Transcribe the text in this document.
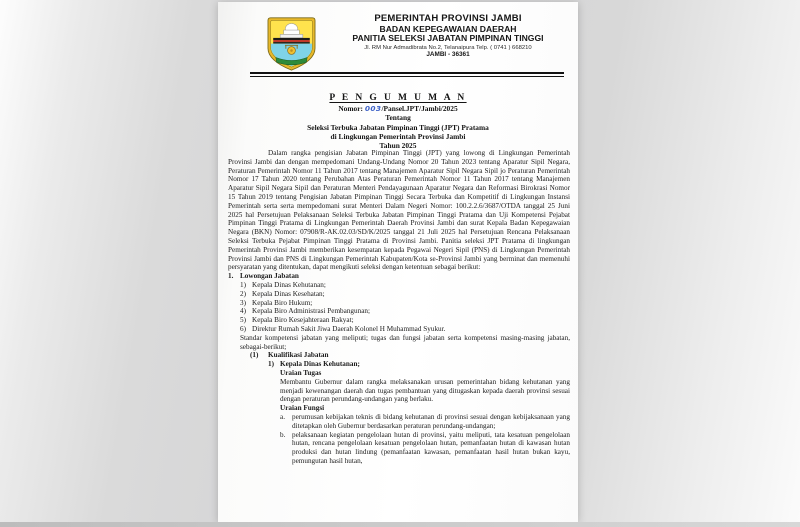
PEMERINTAH PROVINSI JAMBI
BADAN KEPEGAWAIAN DAERAH
PANITIA SELEKSI JABATAN PIMPINAN TINGGI
Jl. RM Nur Admadibrata No.2, Telanaipura Telp. ( 0741 ) 668210
JAMBI - 36361
P E N G U M U M A N
Nomor: 003/Pansel.JPT/Jambi/2025
Tentang
Seleksi Terbuka Jabatan Pimpinan Tinggi (JPT) Pratama
di Lingkungan Pemerintah Provinsi Jambi
Tahun 2025
Dalam rangka pengisian Jabatan Pimpinan Tinggi (JPT) yang lowong di Lingkungan Pemerintah Provinsi Jambi dan dengan mempedomani Undang-Undang Nomor 20 Tahun 2023 tentang Aparatur Sipil Negara, Peraturan Pemerintah Nomor 11 Tahun 2017 tentang Manajemen Aparatur Sipil Negara Sipil jo Peraturan Pemerintah Nomor 17 Tahun 2020 tentang Perubahan Atas Peraturan Pemerintah Nomor 11 Tahun 2017 tentang Manajemen Aparatur Sipil Negara Sipil dan Peraturan Menteri Pendayagunaan Aparatur Negara dan Reformasi Birokrasi Nomor 15 Tahun 2019 tentang Pengisian Jabatan Pimpinan Tinggi Secara Terbuka dan Kompetitif di Lingkungan Instansi Pemerintah serta serta mempedomani surat Menteri Dalam Negeri Nomor: 100.2.2.6/3687/OTDA tanggal 25 Juni 2025 hal Persetujuan Pelaksanaan Seleksi Terbuka Jabatan Pimpinan Tinggi Pratama dan Uji Kompetensi Pejabat Pimpinan Tinggi Pratama di Lingkungan Pemerintah Daerah Provinsi Jambi dan surat Kepala Badan Kepegawaian Negara (BKN) Nomor: 07908/R-AK.02.03/SD/K/2025 tanggal 21 Juli 2025 hal Persetujuan Rencana Pelaksanaan Seleksi Terbuka Pejabat Pimpinan Tinggi Pratama di Provinsi Jambi. Panitia seleksi JPT Pratama di lingkungan Pemerintah Provinsi Jambi memberikan kesempatan kepada Pegawai Negeri Sipil (PNS) di Lingkungan Pemerintah Provinsi Jambi dan PNS di Lingkungan Pemerintah Kabupaten/Kota se-Provinsi Jambi yang berminat dan memenuhi persyaratan yang ditentukan, dapat mengikuti seleksi dengan ketentuan sebagai berikut:
1. Lowongan Jabatan
1) Kepala Dinas Kehutanan;
2) Kepala Dinas Kesehatan;
3) Kepala Biro Hukum;
4) Kepala Biro Administrasi Pembangunan;
5) Kepala Biro Kesejahteraan Rakyat;
6) Direktur Rumah Sakit Jiwa Daerah Kolonel H Muhammad Syukur.
Standar kompetensi jabatan yang meliputi; tugas dan fungsi jabatan serta kompetensi masing-masing jabatan, sebagai-berikut;
(1)	Kualifikasi Jabatan
1) Kepala Dinas Kehutanan;
Uraian Tugas
Membantu Gubernur dalam rangka melaksanakan urusan pemerintahan bidang kehutanan yang menjadi kewenangan daerah dan tugas pembantuan yang ditugaskan kepada daerah provinsi sesuai dengan peraturan perundang-undangan yang berlaku.
Uraian Fungsi
a. perumusan kebijakan teknis di bidang kehutanan di provinsi sesuai dengan kebijaksanaan yang ditetapkan oleh Gubernur berdasarkan peraturan perundang-undangan;
b. pelaksanaan kegiatan pengelolaan hutan di provinsi, yaitu meliputi, tata kesatuan pengelolaan hutan, rencana pengelolaan kesatuan pengelolaan hutan, pemanfaatan hutan di kawasan hutan produksi dan hutan lindung (pemanfaatan kawasan, pemanfaatan hasil hutan bukan kayu, pemungutan hasil hutan,
